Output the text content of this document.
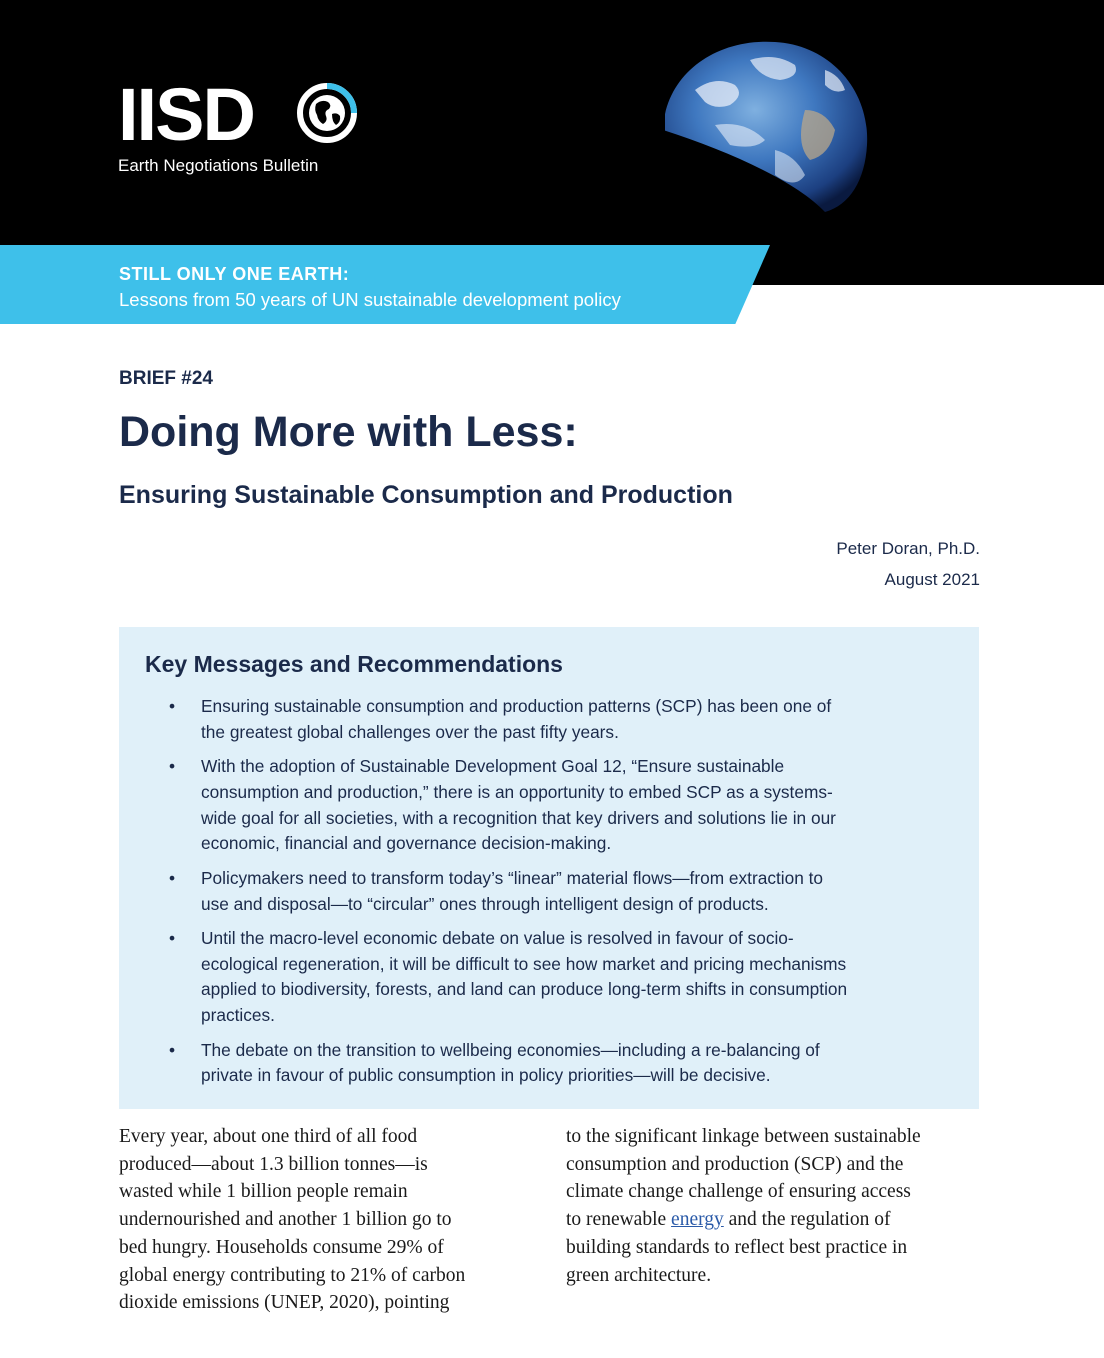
IISD
Earth Negotiations Bulletin
STILL ONLY ONE EARTH:
Lessons from 50 years of UN sustainable development policy
BRIEF #24
Doing More with Less:
Ensuring Sustainable Consumption and Production
Peter Doran, Ph.D.
August 2021
Key Messages and Recommendations
• Ensuring sustainable consumption and production patterns (SCP) has been one of
the greatest global challenges over the past fifty years.
• With the adoption of Sustainable Development Goal 12, “Ensure sustainable
consumption and production,” there is an opportunity to embed SCP as a systems-
wide goal for all societies, with a recognition that key drivers and solutions lie in our
economic, financial and governance decision-making.
• Policymakers need to transform today’s “linear” material flows—from extraction to
use and disposal—to “circular” ones through intelligent design of products.
• Until the macro-level economic debate on value is resolved in favour of socio-
ecological regeneration, it will be difficult to see how market and pricing mechanisms
applied to biodiversity, forests, and land can produce long-term shifts in consumption
practices.
• The debate on the transition to wellbeing economies—including a re-balancing of
private in favour of public consumption in policy priorities—will be decisive.
Every year, about one third of all food
produced—about 1.3 billion tonnes—is
wasted while 1 billion people remain
undernourished and another 1 billion go to
bed hungry. Households consume 29% of
global energy contributing to 21% of carbon
dioxide emissions (UNEP, 2020), pointing
to the significant linkage between sustainable
consumption and production (SCP) and the
climate change challenge of ensuring access
to renewable energy and the regulation of
building standards to reflect best practice in
green architecture.
